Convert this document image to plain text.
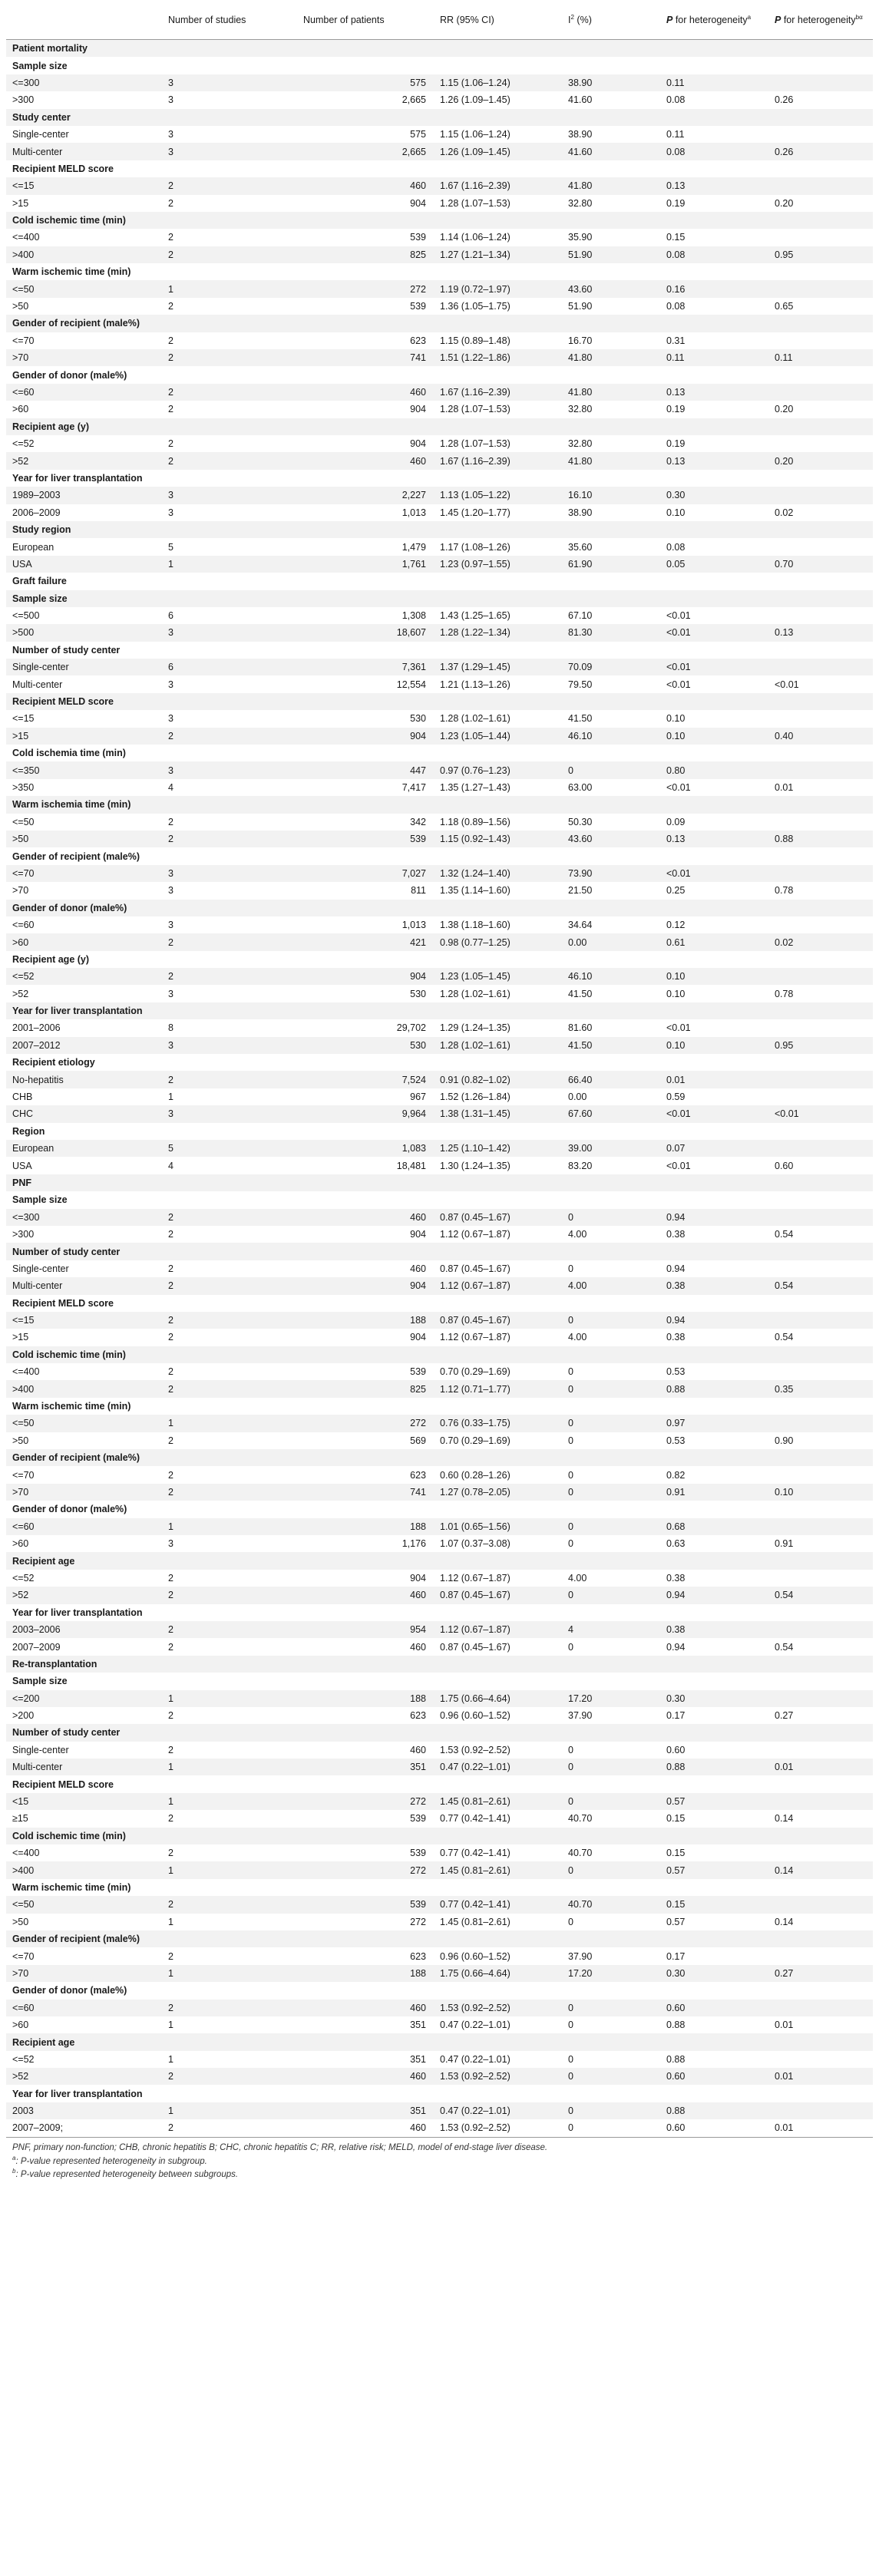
	Number of studies	Number of patients	RR (95% CI)	$I^2$ (%)	P for heterogeneity$^a$	P for heterogeneity$^{b\alpha}$
Patient mortality						
Sample size						
<=300	3	575	1.15 (1.06–1.24)	38.90	0.11	
>300	3	2,665	1.26 (1.09–1.45)	41.60	0.08	0.26
Study center						
Single-center	3	575	1.15 (1.06–1.24)	38.90	0.11	
Multi-center	3	2,665	1.26 (1.09–1.45)	41.60	0.08	0.26
Recipient MELD score						
<=15	2	460	1.67 (1.16–2.39)	41.80	0.13	
>15	2	904	1.28 (1.07–1.53)	32.80	0.19	0.20
Cold ischemic time (min)						
<=400	2	539	1.14 (1.06–1.24)	35.90	0.15	
>400	2	825	1.27 (1.21–1.34)	51.90	0.08	0.95
Warm ischemic time (min)						
<=50	1	272	1.19 (0.72–1.97)	43.60	0.16	
>50	2	539	1.36 (1.05–1.75)	51.90	0.08	0.65
Gender of recipient (male%)						
<=70	2	623	1.15 (0.89–1.48)	16.70	0.31	
>70	2	741	1.51 (1.22–1.86)	41.80	0.11	0.11
Gender of donor (male%)						
<=60	2	460	1.67 (1.16–2.39)	41.80	0.13	
>60	2	904	1.28 (1.07–1.53)	32.80	0.19	0.20
Recipient age (y)						
<=52	2	904	1.28 (1.07–1.53)	32.80	0.19	
>52	2	460	1.67 (1.16–2.39)	41.80	0.13	0.20
Year for liver transplantation						
1989–2003	3	2,227	1.13 (1.05–1.22)	16.10	0.30	
2006–2009	3	1,013	1.45 (1.20–1.77)	38.90	0.10	0.02
Study region						
European	5	1,479	1.17 (1.08–1.26)	35.60	0.08	
USA	1	1,761	1.23 (0.97–1.55)	61.90	0.05	0.70
Graft failure						
Sample size						
<=500	6	1,308	1.43 (1.25–1.65)	67.10	<0.01	
>500	3	18,607	1.28 (1.22–1.34)	81.30	<0.01	0.13
Number of study center						
Single-center	6	7,361	1.37 (1.29–1.45)	70.09	<0.01	
Multi-center	3	12,554	1.21 (1.13–1.26)	79.50	<0.01	<0.01
Recipient MELD score						
<=15	3	530	1.28 (1.02–1.61)	41.50	0.10	
>15	2	904	1.23 (1.05–1.44)	46.10	0.10	0.40
Cold ischemia time (min)						
<=350	3	447	0.97 (0.76–1.23)	0	0.80	
>350	4	7,417	1.35 (1.27–1.43)	63.00	<0.01	0.01
Warm ischemia time (min)						
<=50	2	342	1.18 (0.89–1.56)	50.30	0.09	
>50	2	539	1.15 (0.92–1.43)	43.60	0.13	0.88
Gender of recipient (male%)						
<=70	3	7,027	1.32 (1.24–1.40)	73.90	<0.01	
>70	3	811	1.35 (1.14–1.60)	21.50	0.25	0.78
Gender of donor (male%)						
<=60	3	1,013	1.38 (1.18–1.60)	34.64	0.12	
>60	2	421	0.98 (0.77–1.25)	0.00	0.61	0.02
Recipient age (y)						
<=52	2	904	1.23 (1.05–1.45)	46.10	0.10	
>52	3	530	1.28 (1.02–1.61)	41.50	0.10	0.78
Year for liver transplantation						
2001–2006	8	29,702	1.29 (1.24–1.35)	81.60	<0.01	
2007–2012	3	530	1.28 (1.02–1.61)	41.50	0.10	0.95
Recipient etiology						
No-hepatitis	2	7,524	0.91 (0.82–1.02)	66.40	0.01	
CHB	1	967	1.52 (1.26–1.84)	0.00	0.59	
CHC	3	9,964	1.38 (1.31–1.45)	67.60	<0.01	<0.01
Region						
European	5	1,083	1.25 (1.10–1.42)	39.00	0.07	
USA	4	18,481	1.30 (1.24–1.35)	83.20	<0.01	0.60
PNF						
Sample size						
<=300	2	460	0.87 (0.45–1.67)	0	0.94	
>300	2	904	1.12 (0.67–1.87)	4.00	0.38	0.54
Number of study center						
Single-center	2	460	0.87 (0.45–1.67)	0	0.94	
Multi-center	2	904	1.12 (0.67–1.87)	4.00	0.38	0.54
Recipient MELD score						
<=15	2	188	0.87 (0.45–1.67)	0	0.94	
>15	2	904	1.12 (0.67–1.87)	4.00	0.38	0.54
Cold ischemic time (min)						
<=400	2	539	0.70 (0.29–1.69)	0	0.53	
>400	2	825	1.12 (0.71–1.77)	0	0.88	0.35
Warm ischemic time (min)						
<=50	1	272	0.76 (0.33–1.75)	0	0.97	
>50	2	569	0.70 (0.29–1.69)	0	0.53	0.90
Gender of recipient (male%)						
<=70	2	623	0.60 (0.28–1.26)	0	0.82	
>70	2	741	1.27 (0.78–2.05)	0	0.91	0.10
Gender of donor (male%)						
<=60	1	188	1.01 (0.65–1.56)	0	0.68	
>60	3	1,176	1.07 (0.37–3.08)	0	0.63	0.91
Recipient age						
<=52	2	904	1.12 (0.67–1.87)	4.00	0.38	
>52	2	460	0.87 (0.45–1.67)	0	0.94	0.54
Year for liver transplantation						
2003–2006	2	954	1.12 (0.67–1.87)	4	0.38	
2007–2009	2	460	0.87 (0.45–1.67)	0	0.94	0.54
Re-transplantation						
Sample size						
<=200	1	188	1.75 (0.66–4.64)	17.20	0.30	
>200	2	623	0.96 (0.60–1.52)	37.90	0.17	0.27
Number of study center						
Single-center	2	460	1.53 (0.92–2.52)	0	0.60	
Multi-center	1	351	0.47 (0.22–1.01)	0	0.88	0.01
Recipient MELD score						
<15	1	272	1.45 (0.81–2.61)	0	0.57	
≥15	2	539	0.77 (0.42–1.41)	40.70	0.15	0.14
Cold ischemic time (min)						
<=400	2	539	0.77 (0.42–1.41)	40.70	0.15	
>400	1	272	1.45 (0.81–2.61)	0	0.57	0.14
Warm ischemic time (min)						
<=50	2	539	0.77 (0.42–1.41)	40.70	0.15	
>50	1	272	1.45 (0.81–2.61)	0	0.57	0.14
Gender of recipient (male%)						
<=70	2	623	0.96 (0.60–1.52)	37.90	0.17	
>70	1	188	1.75 (0.66–4.64)	17.20	0.30	0.27
Gender of donor (male%)						
<=60	2	460	1.53 (0.92–2.52)	0	0.60	
>60	1	351	0.47 (0.22–1.01)	0	0.88	0.01
Recipient age						
<=52	1	351	0.47 (0.22–1.01)	0	0.88	
>52	2	460	1.53 (0.92–2.52)	0	0.60	0.01
Year for liver transplantation						
2003	1	351	0.47 (0.22–1.01)	0	0.88	
2007–2009;	2	460	1.53 (0.92–2.52)	0	0.60	0.01
PNF, primary non-function; CHB, chronic hepatitis B; CHC, chronic hepatitis C; RR, relative risk; MELD, model of end-stage liver disease.
$^a$: P-value represented heterogeneity in subgroup.
$^b$: P-value represented heterogeneity between subgroups.
